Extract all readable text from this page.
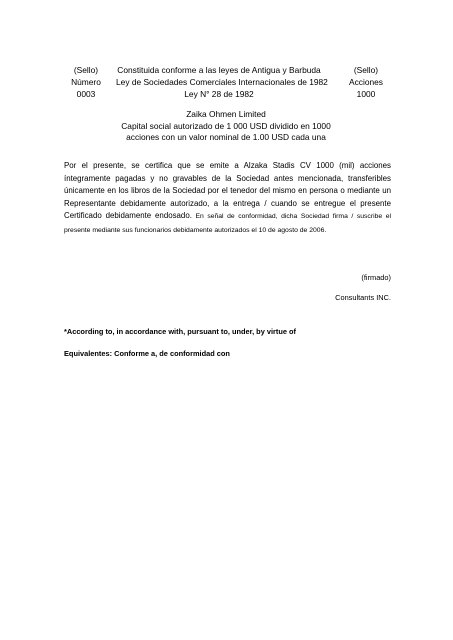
(Sello)
Número
0003
Constituida conforme a las leyes de Antigua y Barbuda
Ley de Sociedades Comerciales Internacionales de 1982
Ley N° 28 de 1982
(Sello)
Acciones
1000
Zaika Ohmen Limited
Capital social autorizado de 1 000 USD dividido en 1000
acciones con un valor nominal de 1.00 USD cada una

Por el presente, se certifica que se emite a Alzaka Stadis CV 1000 (mil) acciones íntegramente pagadas y no gravables de la Sociedad antes mencionada, transferibles únicamente en los libros de la Sociedad por el tenedor del mismo en persona o mediante un Representante debidamente autorizado, a la entrega / cuando se entregue el presente Certificado debidamente endosado. En señal de conformidad, dicha Sociedad firma / suscribe el presente mediante sus funcionarios debidamente autorizados el 10 de agosto de 2006.

(firmado)
Consultants INC.
*According to, in accordance with, pursuant to, under, by virtue of
Equivalentes: Conforme a, de conformidad con
